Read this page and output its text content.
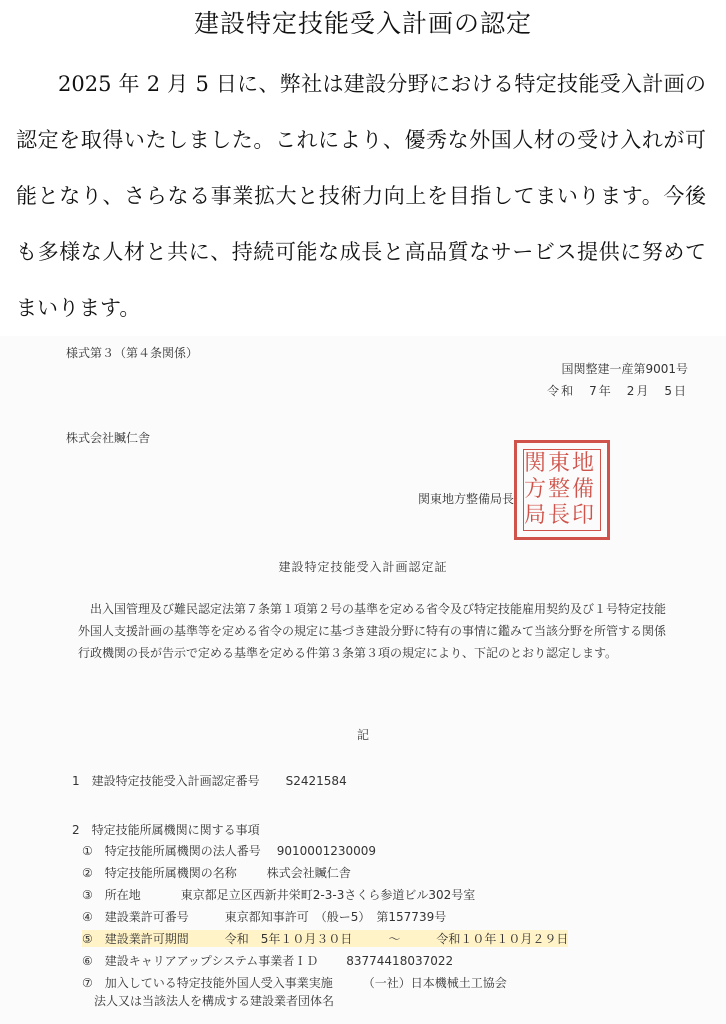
建設特定技能受入計画の認定

2025 年 2 月 5 日に、弊社は建設分野における特定技能受入計画の認定を取得いたしました。これにより、優秀な外国人材の受け入れが可能となり、さらなる事業拡大と技術力向上を目指してまいります。今後も多様な人材と共に、持続可能な成長と高品質なサービス提供に努めてまいります。

様式第３（第４条関係）
国関整建一産第9001号
令和　7年　2月　5日
株式会社贓仁舎
関東地方整備局長印
関東地方整備局長
建設特定技能受入計画認定証
出入国管理及び難民認定法第７条第１項第２号の基準を定める省令及び特定技能雇用契約及び１号特定技能外国人支援計画の基準等を定める省令の規定に基づき建設分野に特有の事情に鑑みて当該分野を所管する関係行政機関の長が告示で定める基準を定める件第３条第３項の規定により、下記のとおり認定します。
記
1　建設特定技能受入計画認定番号 S2421584
2　特定技能所属機関に関する事項
①　特定技能所属機関の法人番号 9010001230009
②　特定技能所属機関の名称	株式会社贓仁舎
③　所在地	東京都足立区西新井栄町2-3-3さくら参道ビル302号室
④　建設業許可番号	東京都知事許可　（般ー5）　第157739号
⑤　建設業許可期間	令和　5年１０月３０日　　　～　　　令和１０年１０月２９日
⑥　建設キャリアアップシステム事業者ＩＤ 83774418037022
⑦　加入している特定技能外国人受入事業実施	（一社）日本機械土工協会
法人又は当該法人を構成する建設業者団体名
